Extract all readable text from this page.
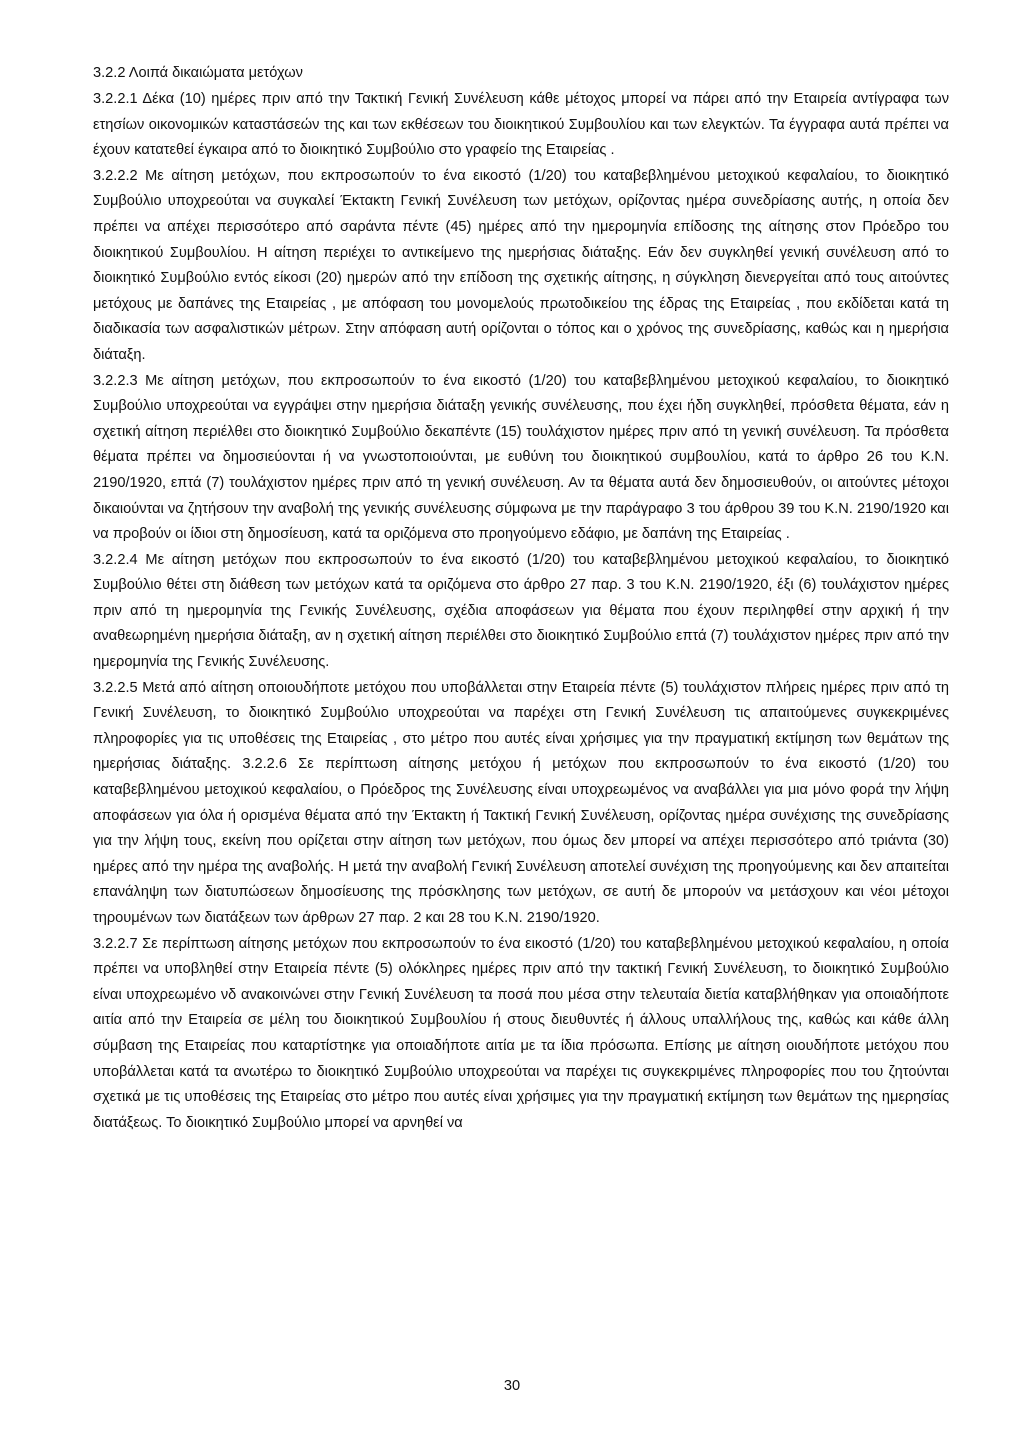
3.2.2 Λοιπά δικαιώματα μετόχων

3.2.2.1 Δέκα (10) ημέρες πριν από την Τακτική Γενική Συνέλευση κάθε μέτοχος μπορεί να πάρει από την Εταιρεία αντίγραφα των ετησίων οικονομικών καταστάσεών της και των εκθέσεων του διοικητικού Συμβουλίου και των ελεγκτών. Τα έγγραφα αυτά πρέπει να έχουν κατατεθεί έγκαιρα από το διοικητικό Συμβούλιο στο γραφείο της Εταιρείας .

3.2.2.2 Με αίτηση μετόχων, που εκπροσωπούν το ένα εικοστό (1/20) του καταβεβλημένου μετοχικού κεφαλαίου, το διοικητικό Συμβούλιο υποχρεούται να συγκαλεί Έκτακτη Γενική Συνέλευση των μετόχων, ορίζοντας ημέρα συνεδρίασης αυτής, η οποία δεν πρέπει να απέχει περισσότερο από σαράντα πέντε (45) ημέρες από την ημερομηνία επίδοσης της αίτησης στον Πρόεδρο του διοικητικού Συμβουλίου. Η αίτηση περιέχει το αντικείμενο της ημερήσιας διάταξης. Εάν δεν συγκληθεί γενική συνέλευση από το διοικητικό Συμβούλιο εντός είκοσι (20) ημερών από την επίδοση της σχετικής αίτησης, η σύγκληση διενεργείται από τους αιτούντες μετόχους με δαπάνες της Εταιρείας , με απόφαση του μονομελούς πρωτοδικείου της έδρας της Εταιρείας , που εκδίδεται κατά τη διαδικασία των ασφαλιστικών μέτρων. Στην απόφαση αυτή ορίζονται ο τόπος και ο χρόνος της συνεδρίασης, καθώς και η ημερήσια διάταξη.

3.2.2.3 Με αίτηση μετόχων, που εκπροσωπούν το ένα εικοστό (1/20) του καταβεβλημένου μετοχικού κεφαλαίου, το διοικητικό Συμβούλιο υποχρεούται να εγγράψει στην ημερήσια διάταξη γενικής συνέλευσης, που έχει ήδη συγκληθεί, πρόσθετα θέματα, εάν η σχετική αίτηση περιέλθει στο διοικητικό Συμβούλιο δεκαπέντε (15) τουλάχιστον ημέρες πριν από τη γενική συνέλευση. Τα πρόσθετα θέματα πρέπει να δημοσιεύονται ή να γνωστοποιούνται, με ευθύνη του διοικητικού συμβουλίου, κατά το άρθρο 26 του Κ.Ν. 2190/1920, επτά (7) τουλάχιστον ημέρες πριν από τη γενική συνέλευση. Αν τα θέματα αυτά δεν δημοσιευθούν, οι αιτούντες μέτοχοι δικαιούνται να ζητήσουν την αναβολή της γενικής συνέλευσης σύμφωνα με την παράγραφο 3 του άρθρου 39 του Κ.Ν. 2190/1920 και να προβούν οι ίδιοι στη δημοσίευση, κατά τα οριζόμενα στο προηγούμενο εδάφιο, με δαπάνη της Εταιρείας .

3.2.2.4 Με αίτηση μετόχων που εκπροσωπούν το ένα εικοστό (1/20) του καταβεβλημένου μετοχικού κεφαλαίου, το διοικητικό Συμβούλιο θέτει στη διάθεση των μετόχων κατά τα οριζόμενα στο άρθρο 27 παρ. 3 του Κ.Ν. 2190/1920, έξι (6) τουλάχιστον ημέρες πριν από τη ημερομηνία της Γενικής Συνέλευσης, σχέδια αποφάσεων για θέματα που έχουν περιληφθεί στην αρχική ή την αναθεωρημένη ημερήσια διάταξη, αν η σχετική αίτηση περιέλθει στο διοικητικό Συμβούλιο επτά (7) τουλάχιστον ημέρες πριν από την ημερομηνία της Γενικής Συνέλευσης.

3.2.2.5 Μετά από αίτηση οποιουδήποτε μετόχου που υποβάλλεται στην Εταιρεία πέντε (5) τουλάχιστον πλήρεις ημέρες πριν από τη Γενική Συνέλευση, το διοικητικό Συμβούλιο υποχρεούται να παρέχει στη Γενική Συνέλευση τις απαιτούμενες συγκεκριμένες πληροφορίες για τις υποθέσεις της Εταιρείας , στο μέτρο που αυτές είναι χρήσιμες για την πραγματική εκτίμηση των θεμάτων της ημερήσιας διάταξης. 3.2.2.6 Σε περίπτωση αίτησης μετόχου ή μετόχων που εκπροσωπούν το ένα εικοστό (1/20) του καταβεβλημένου μετοχικού κεφαλαίου, ο Πρόεδρος της Συνέλευσης είναι υποχρεωμένος να αναβάλλει για μια μόνο φορά την λήψη αποφάσεων για όλα ή ορισμένα θέματα από την Έκτακτη ή Τακτική Γενική Συνέλευση, ορίζοντας ημέρα συνέχισης της συνεδρίασης για την λήψη τους, εκείνη που ορίζεται στην αίτηση των μετόχων, που όμως δεν μπορεί να απέχει περισσότερο από τριάντα (30) ημέρες από την ημέρα της αναβολής. Η μετά την αναβολή Γενική Συνέλευση αποτελεί συνέχιση της προηγούμενης και δεν απαιτείται επανάληψη των διατυπώσεων δημοσίευσης της πρόσκλησης των μετόχων, σε αυτή δε μπορούν να μετάσχουν και νέοι μέτοχοι τηρουμένων των διατάξεων των άρθρων 27 παρ. 2 και 28 του Κ.Ν. 2190/1920.

3.2.2.7 Σε περίπτωση αίτησης μετόχων που εκπροσωπούν το ένα εικοστό (1/20) του καταβεβλημένου μετοχικού κεφαλαίου, η οποία πρέπει να υποβληθεί στην Εταιρεία πέντε (5) ολόκληρες ημέρες πριν από την τακτική Γενική Συνέλευση, το διοικητικό Συμβούλιο είναι υποχρεωμένο νδ ανακοινώνει στην Γενική Συνέλευση τα ποσά που μέσα στην τελευταία διετία καταβλήθηκαν για οποιαδήποτε αιτία από την Εταιρεία σε μέλη του διοικητικού Συμβουλίου ή στους διευθυντές ή άλλους υπαλλήλους της, καθώς και κάθε άλλη σύμβαση της Εταιρείας που καταρτίστηκε για οποιαδήποτε αιτία με τα ίδια πρόσωπα. Επίσης με αίτηση οιουδήποτε μετόχου που υποβάλλεται κατά τα ανωτέρω το διοικητικό Συμβούλιο υποχρεούται να παρέχει τις συγκεκριμένες πληροφορίες που του ζητούνται σχετικά με τις υποθέσεις της Εταιρείας στο μέτρο που αυτές είναι χρήσιμες για την πραγματική εκτίμηση των θεμάτων της ημερησίας διατάξεως. Το διοικητικό Συμβούλιο μπορεί να αρνηθεί να

30
